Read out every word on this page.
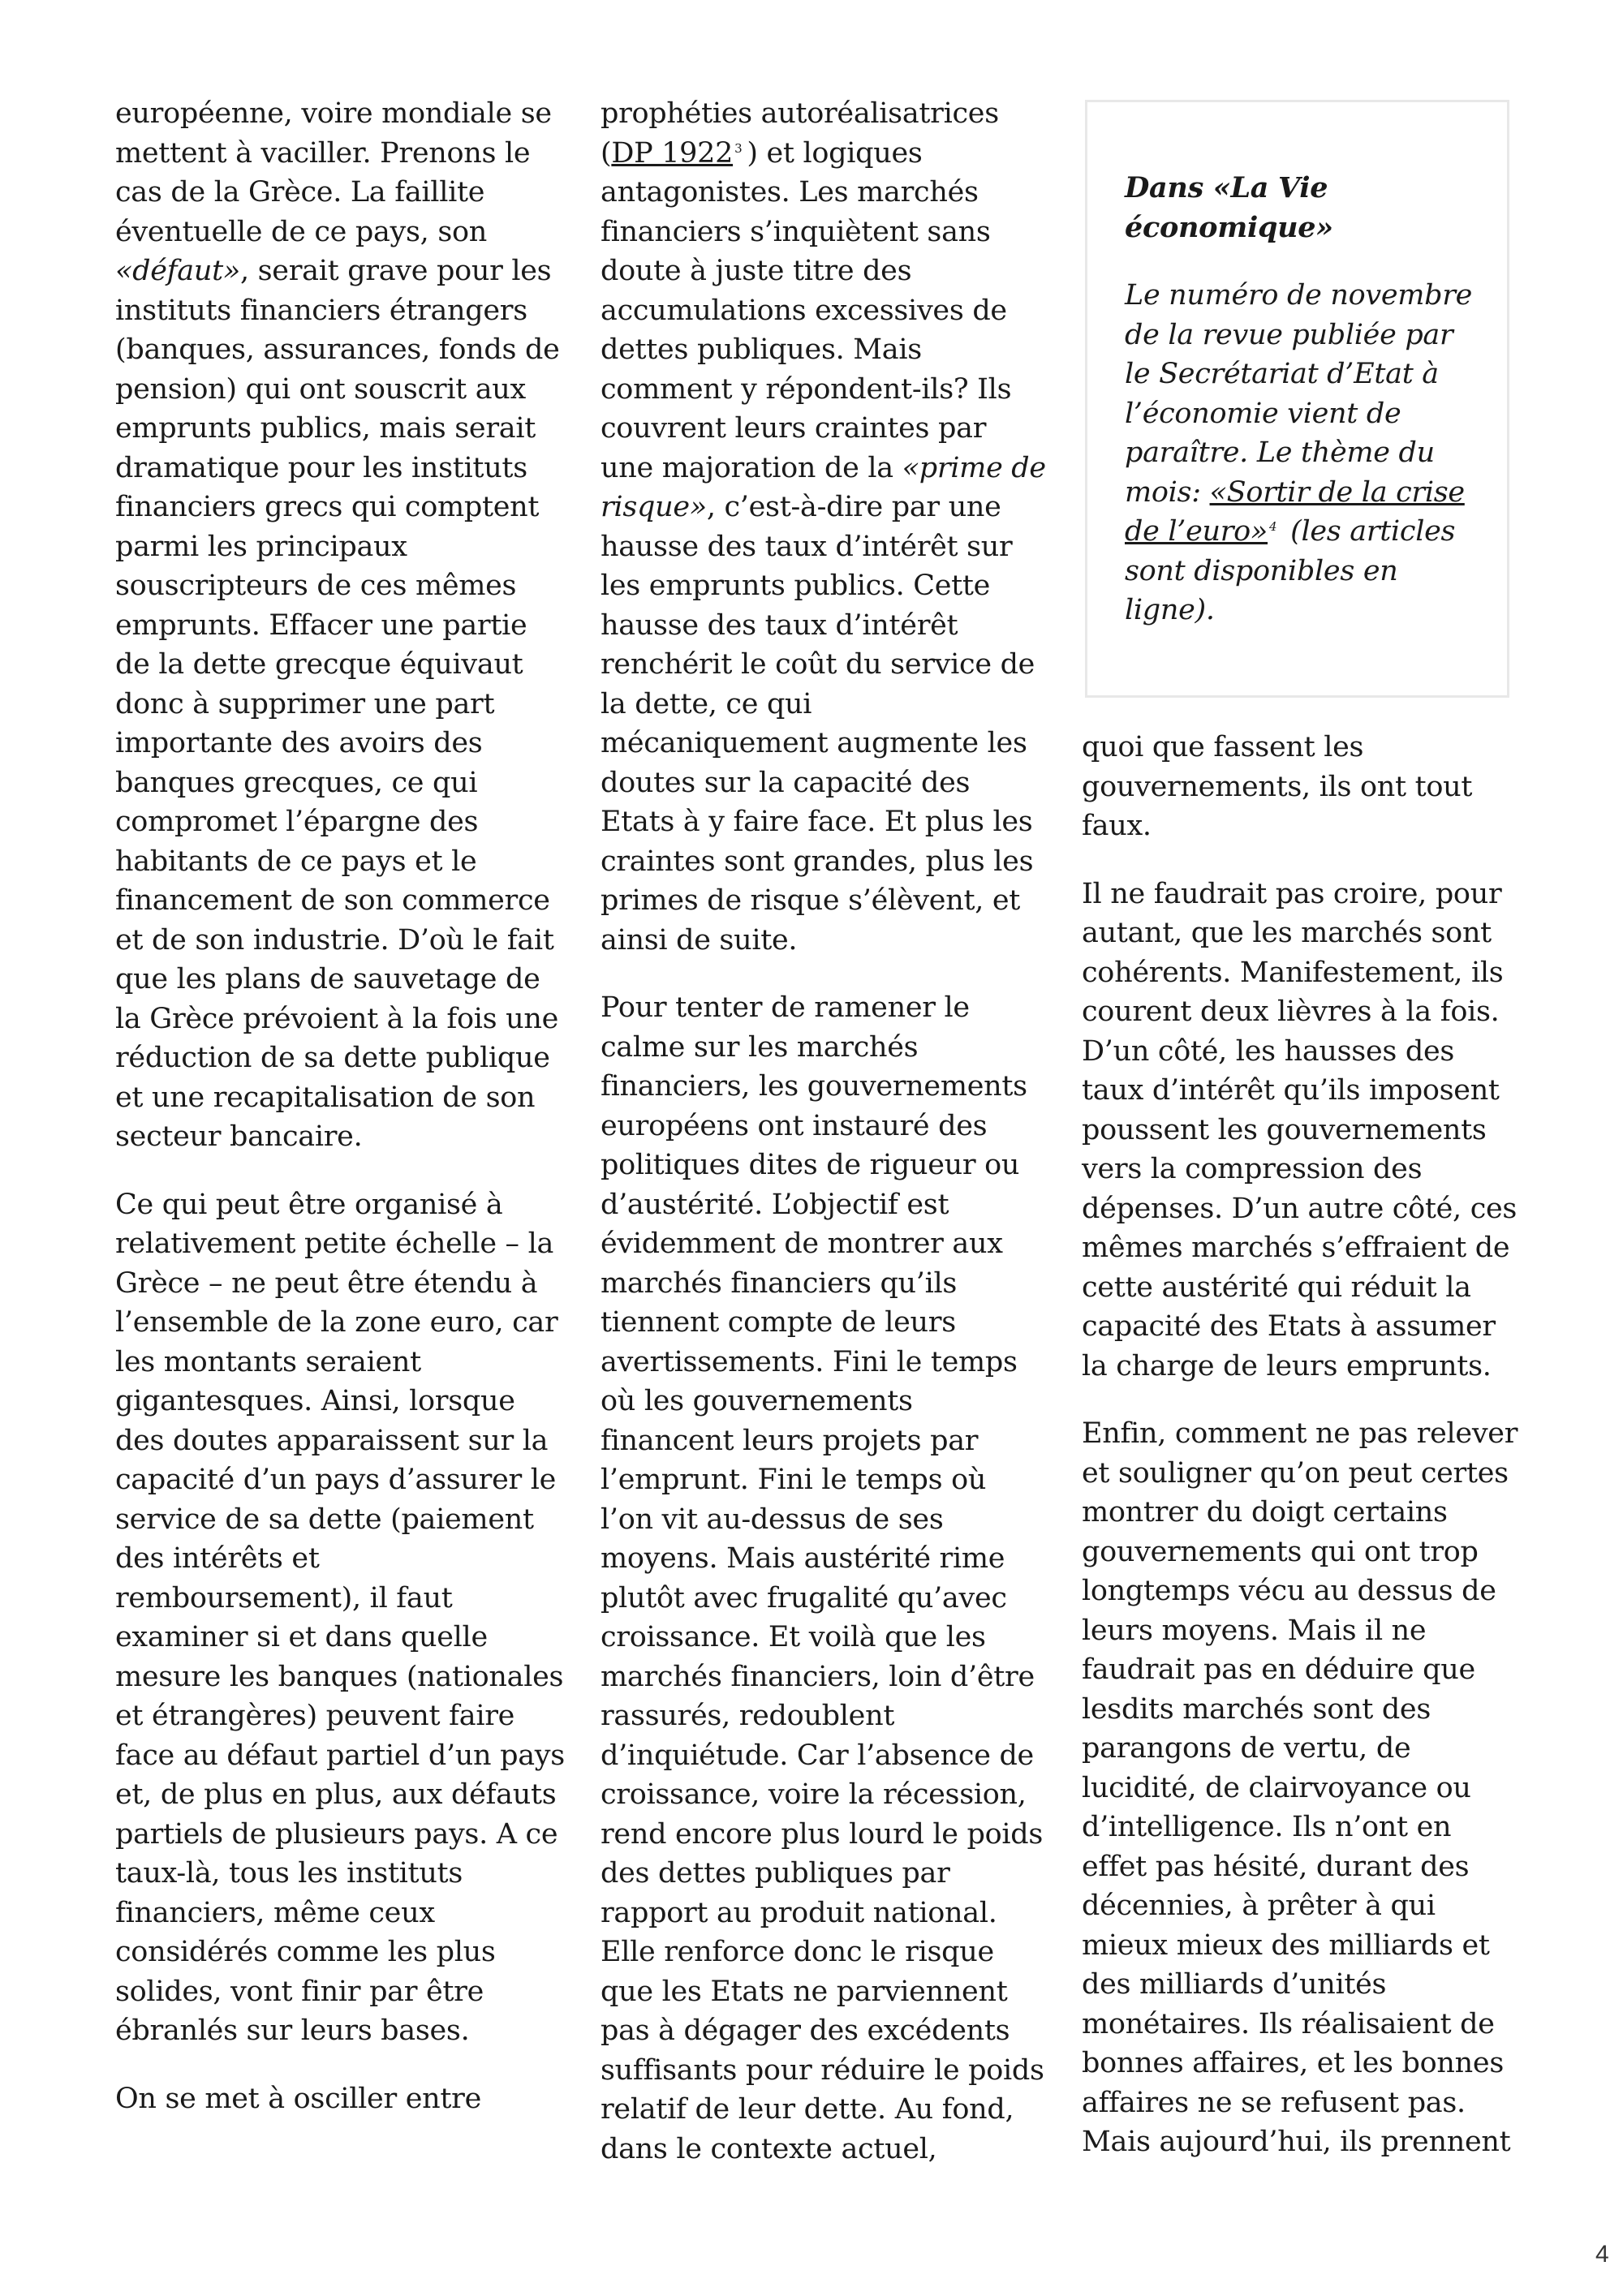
européenne, voire mondiale se mettent à vaciller. Prenons le cas de la Grèce. La faillite éventuelle de ce pays, son «défaut», serait grave pour les instituts financiers étrangers (banques, assurances, fonds de pension) qui ont souscrit aux emprunts publics, mais serait dramatique pour les instituts financiers grecs qui comptent parmi les principaux souscripteurs de ces mêmes emprunts. Effacer une partie de la dette grecque équivaut donc à supprimer une part importante des avoirs des banques grecques, ce qui compromet l’épargne des habitants de ce pays et le financement de son commerce et de son industrie. D’où le fait que les plans de sauvetage de la Grèce prévoient à la fois une réduction de sa dette publique et une recapitalisation de son secteur bancaire.

Ce qui peut être organisé à relativement petite échelle – la Grèce – ne peut être étendu à l’ensemble de la zone euro, car les montants seraient gigantesques. Ainsi, lorsque des doutes apparaissent sur la capacité d’un pays d’assurer le service de sa dette (paiement des intérêts et remboursement), il faut examiner si et dans quelle mesure les banques (nationales et étrangères) peuvent faire face au défaut partiel d’un pays et, de plus en plus, aux défauts partiels de plusieurs pays. A ce taux-là, tous les instituts financiers, même ceux considérés comme les plus solides, vont finir par être ébranlés sur leurs bases.

On se met à osciller entre

prophéties autoréalisatrices (DP 1922 $^3$ ) et logiques antagonistes. Les marchés financiers s’inquiètent sans doute à juste titre des accumulations excessives de dettes publiques. Mais comment y répondent-ils? Ils couvrent leurs craintes par une majoration de la «prime de risque», c’est-à-dire par une hausse des taux d’intérêt sur les emprunts publics. Cette hausse des taux d’intérêt renchérit le coût du service de la dette, ce qui mécaniquement augmente les doutes sur la capacité des Etats à y faire face. Et plus les craintes sont grandes, plus les primes de risque s’élèvent, et ainsi de suite.

Pour tenter de ramener le calme sur les marchés financiers, les gouvernements européens ont instauré des politiques dites de rigueur ou d’austérité. L’objectif est évidemment de montrer aux marchés financiers qu’ils tiennent compte de leurs avertissements. Fini le temps où les gouvernements financent leurs projets par l’emprunt. Fini le temps où l’on vit au-dessus de ses moyens. Mais austérité rime plutôt avec frugalité qu’avec croissance. Et voilà que les marchés financiers, loin d’être rassurés, redoublent d’inquiétude. Car l’absence de croissance, voire la récession, rend encore plus lourd le poids des dettes publiques par rapport au produit national. Elle renforce donc le risque que les Etats ne parviennent pas à dégager des excédents suffisants pour réduire le poids relatif de leur dette. Au fond, dans le contexte actuel,

Dans «La Vie économique»

Le numéro de novembre de la revue publiée par le Secrétariat d’Etat à l’économie vient de paraître. Le thème du mois: «Sortir de la crise de l’euro» $^4$ (les articles sont disponibles en ligne).

quoi que fassent les gouvernements, ils ont tout faux.

Il ne faudrait pas croire, pour autant, que les marchés sont cohérents. Manifestement, ils courent deux lièvres à la fois. D’un côté, les hausses des taux d’intérêt qu’ils imposent poussent les gouvernements vers la compression des dépenses. D’un autre côté, ces mêmes marchés s’effraient de cette austérité qui réduit la capacité des Etats à assumer la charge de leurs emprunts.

Enfin, comment ne pas relever et souligner qu’on peut certes montrer du doigt certains gouvernements qui ont trop longtemps vécu au dessus de leurs moyens. Mais il ne faudrait pas en déduire que lesdits marchés sont des parangons de vertu, de lucidité, de clairvoyance ou d’intelligence. Ils n’ont en effet pas hésité, durant des décennies, à prêter à qui mieux mieux des milliards et des milliards d’unités monétaires. Ils réalisaient de bonnes affaires, et les bonnes affaires ne se refusent pas. Mais aujourd’hui, ils prennent

4
